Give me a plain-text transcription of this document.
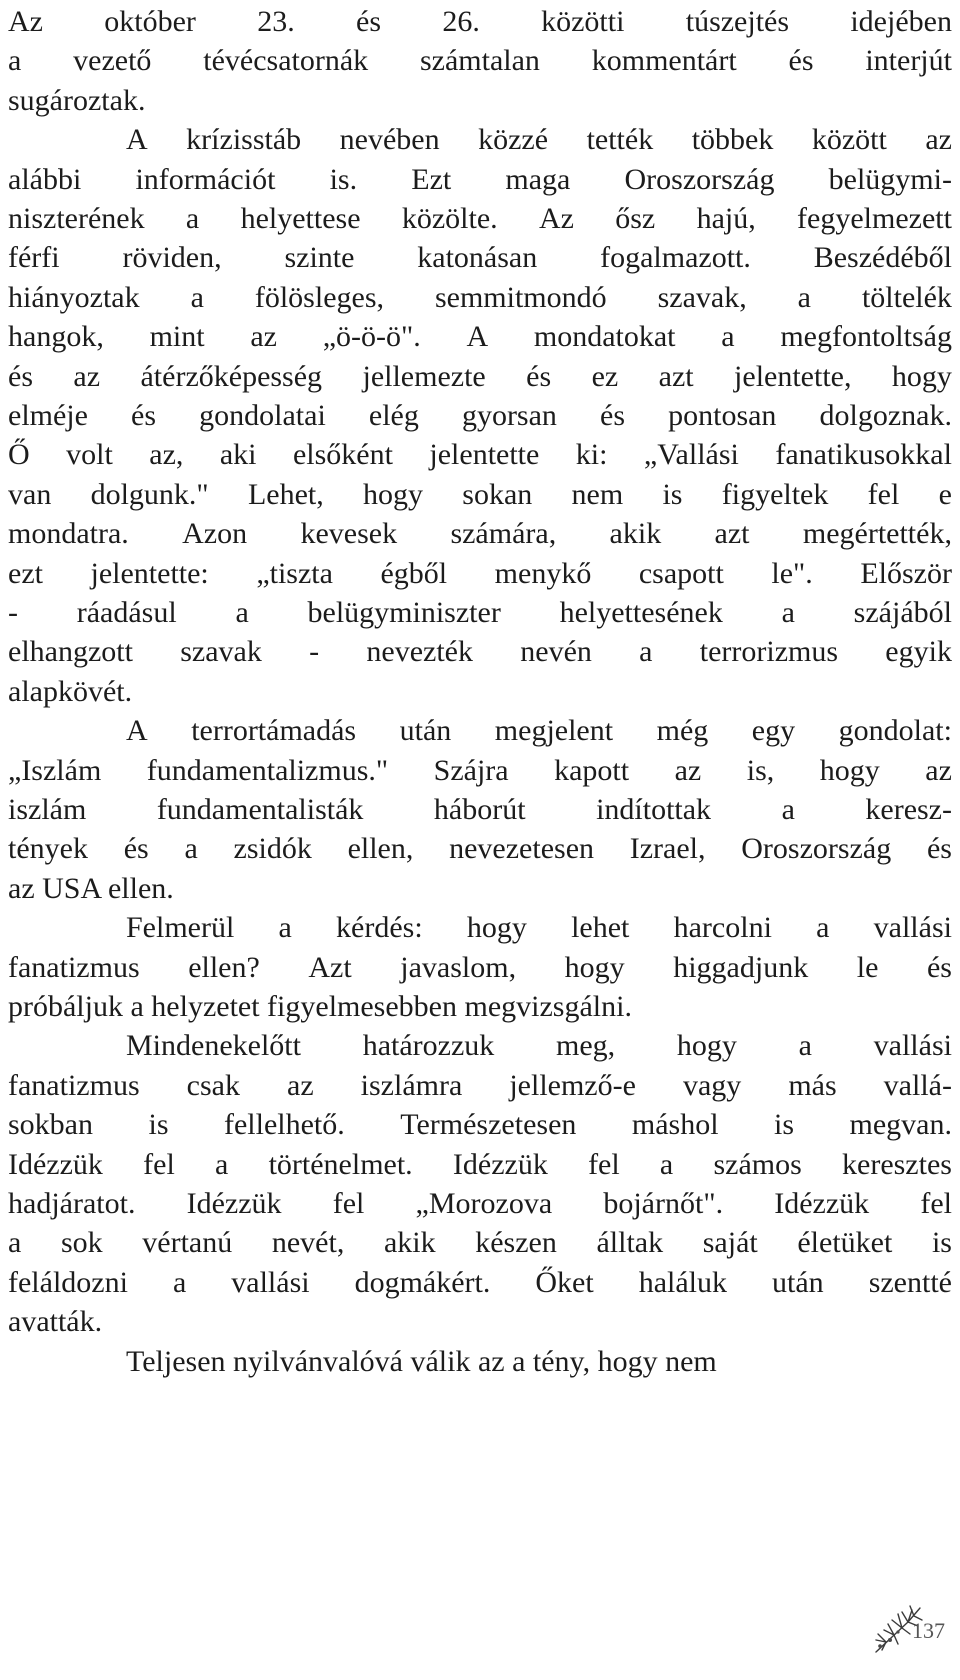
Az október 23. és 26. közötti túszejtés idejében
a vezető tévécsatornák számtalan kommentárt és interjút
sugároztak.
A krízisstáb nevében közzé tették többek között az
alábbi információt is. Ezt maga Oroszország belügymi-
niszterének a helyettese közölte. Az ősz hajú, fegyelmezett
férfi röviden, szinte katonásan fogalmazott. Beszédéből
hiányoztak a fölösleges, semmitmondó szavak, a töltelék
hangok, mint az „ö-ö-ö". A mondatokat a megfontoltság
és az átérzőképesség jellemezte és ez azt jelentette, hogy
elméje és gondolatai elég gyorsan és pontosan dolgoznak.
Ő volt az, aki elsőként jelentette ki: „Vallási fanatikusokkal
van dolgunk." Lehet, hogy sokan nem is figyeltek fel e
mondatra. Azon kevesek számára, akik azt megértették,
ezt jelentette: „tiszta égből menykő csapott le". Először
- ráadásul a belügyminiszter helyettesének a szájából
elhangzott szavak - nevezték nevén a terrorizmus egyik
alapkövét.
A terrortámadás után megjelent még egy gondolat:
„Iszlám fundamentalizmus." Szájra kapott az is, hogy az
iszlám fundamentalisták háborút indítottak a keresz-
tények és a zsidók ellen, nevezetesen Izrael, Oroszország és
az USA ellen.
Felmerül a kérdés: hogy lehet harcolni a vallási
fanatizmus ellen? Azt javaslom, hogy higgadjunk le és
próbáljuk a helyzetet figyelmesebben megvizsgálni.
Mindenekelőtt határozzuk meg, hogy a vallási
fanatizmus csak az iszlámra jellemző-e vagy más vallá-
sokban is fellelhető. Természetesen máshol is megvan.
Idézzük fel a történelmet. Idézzük fel a számos keresztes
hadjáratot. Idézzük fel „Morozova bojárnőt". Idézzük fel
a sok vértanú nevét, akik készen álltak saját életüket is
feláldozni a vallási dogmákért. Őket haláluk után szentté
avatták.
Teljesen nyilvánvalóvá válik az a tény, hogy nem
137
